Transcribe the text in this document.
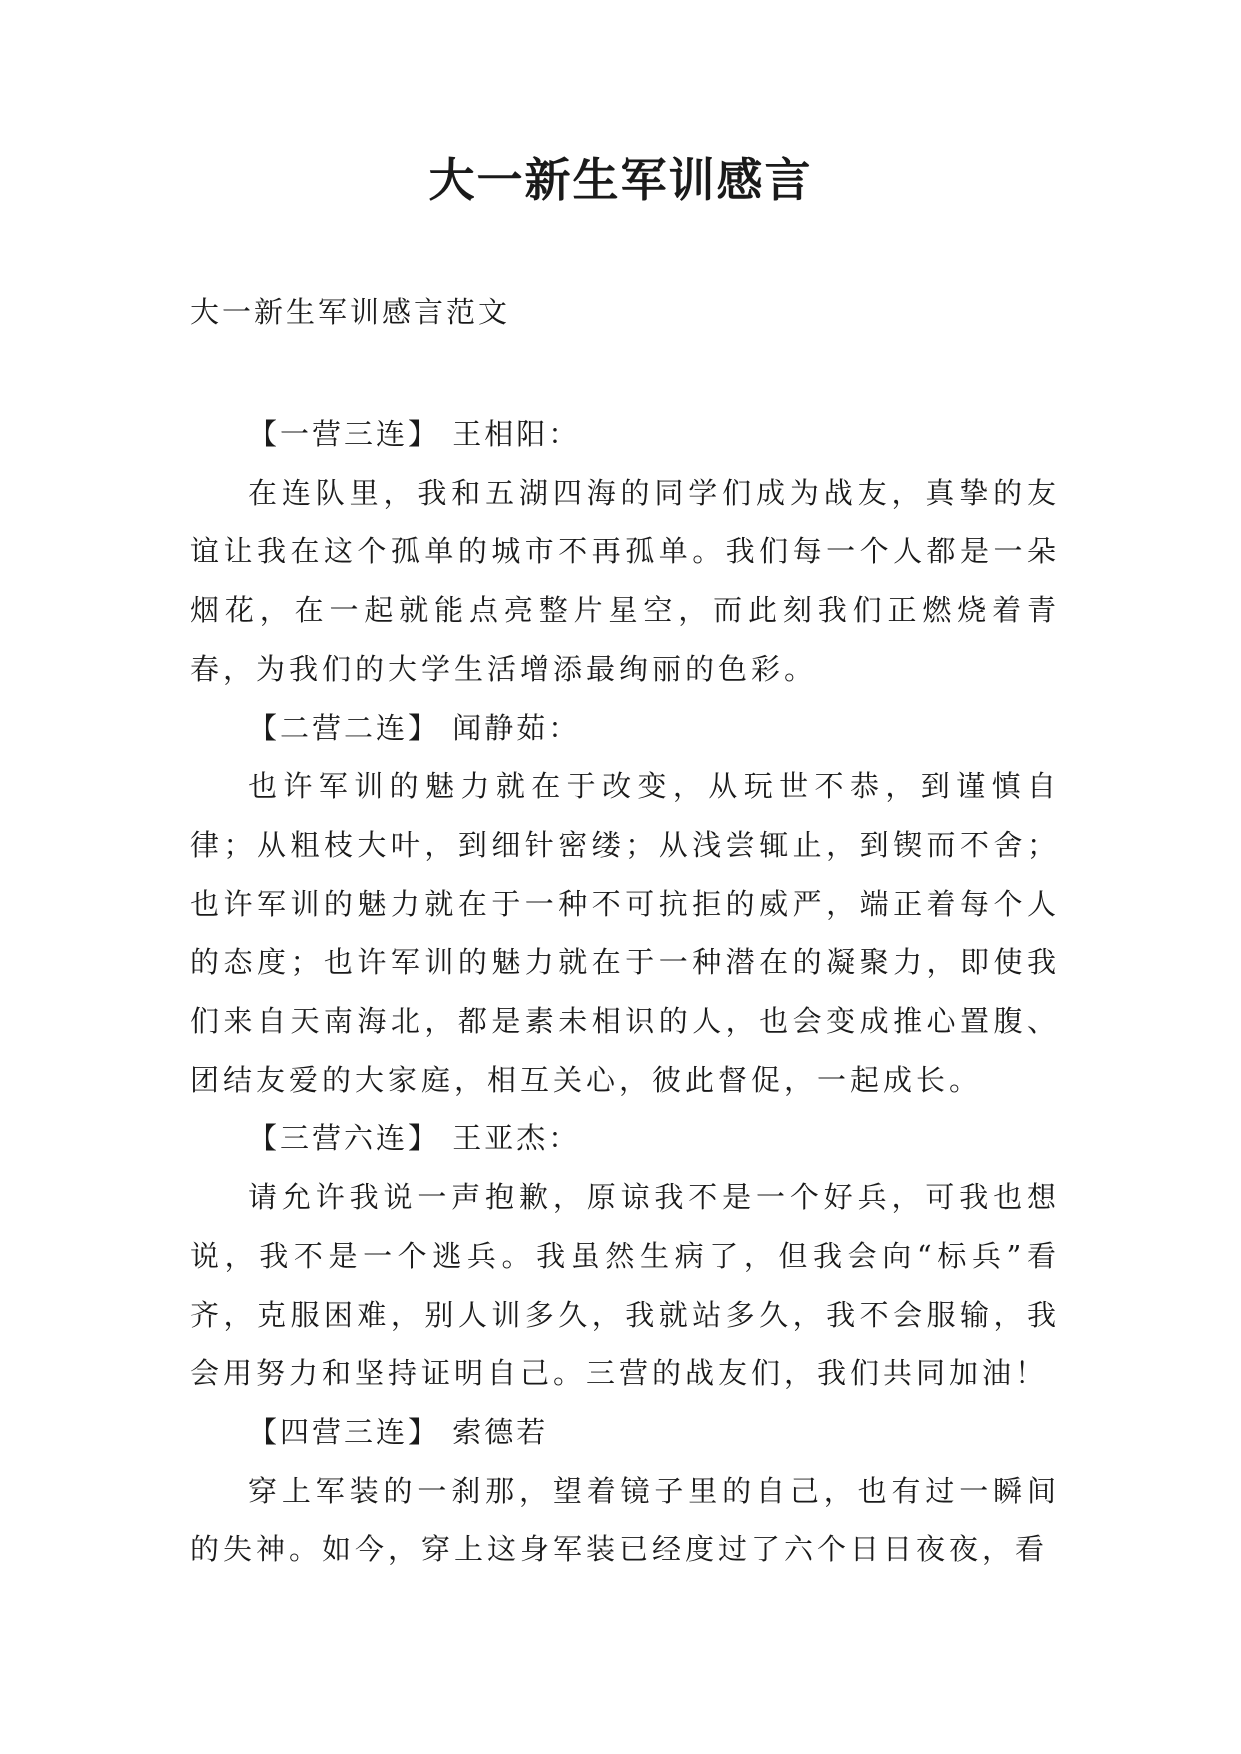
大一新生军训感言
大一新生军训感言范文

【一营三连】 王相阳：

在连队里，我和五湖四海的同学们成为战友，真挚的友谊让我在这个孤单的城市不再孤单。我们每一个人都是一朵烟花，在一起就能点亮整片星空，而此刻我们正燃烧着青春，为我们的大学生活增添最绚丽的色彩。

【二营二连】 闻静茹：

也许军训的魅力就在于改变，从玩世不恭，到谨慎自律；从粗枝大叶，到细针密缕；从浅尝辄止，到锲而不舍；也许军训的魅力就在于一种不可抗拒的威严，端正着每个人的态度；也许军训的魅力就在于一种潜在的凝聚力，即使我们来自天南海北，都是素未相识的人，也会变成推心置腹、团结友爱的大家庭，相互关心，彼此督促，一起成长。

【三营六连】 王亚杰：

请允许我说一声抱歉，原谅我不是一个好兵，可我也想说，我不是一个逃兵。我虽然生病了，但我会向“标兵”看齐，克服困难，别人训多久，我就站多久，我不会服输，我会用努力和坚持证明自己。三营的战友们，我们共同加油！

【四营三连】 索德若

穿上军装的一刹那，望着镜子里的自己，也有过一瞬间的失神。如今，穿上这身军装已经度过了六个日日夜夜，看
